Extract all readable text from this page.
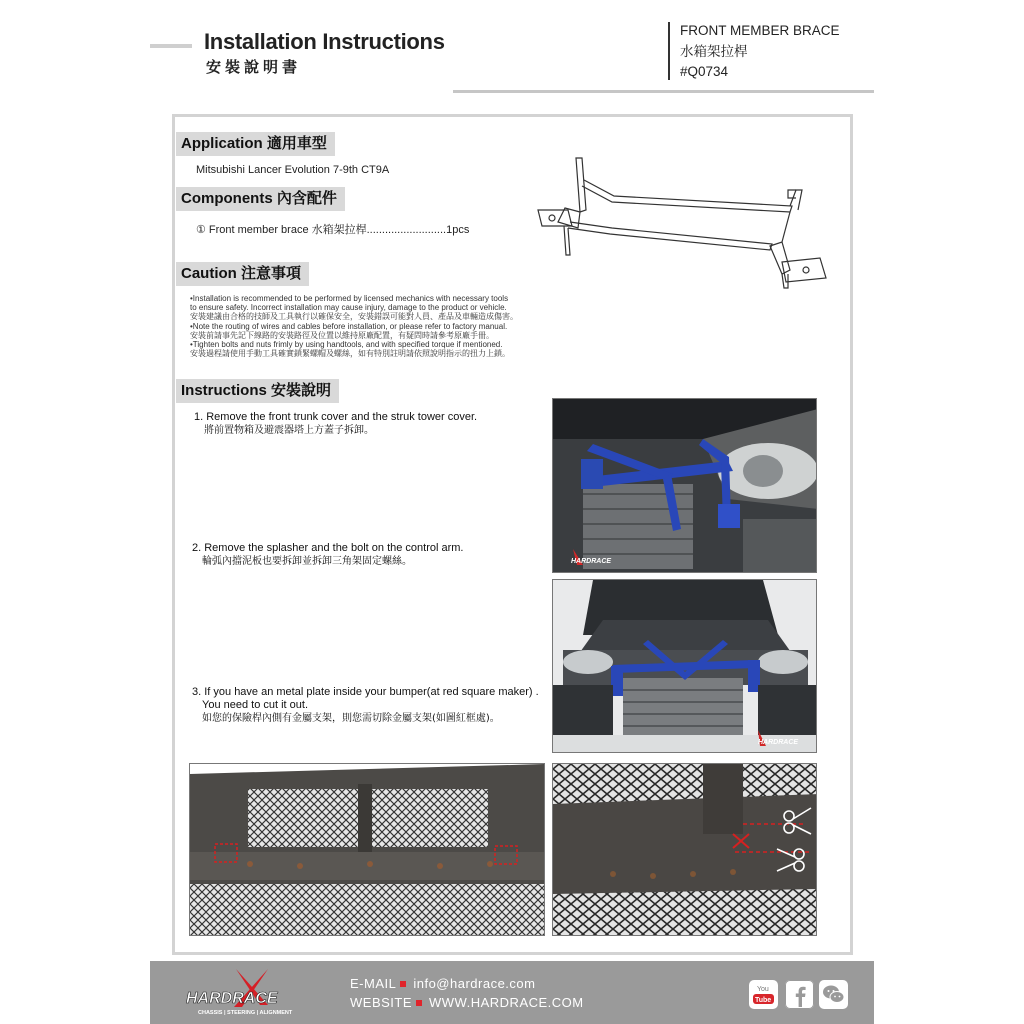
Installation Instructions
安裝說明書
FRONT MEMBER BRACE
水箱架拉桿
#Q0734
Application 適用車型
Mitsubishi Lancer Evolution 7-9th CT9A
Components 內含配件
① Front member brace 水箱架拉桿..........................1pcs
Caution 注意事項
•Installation is recommended to be performed by licensed mechanics with necessary tools
to ensure safety. Incorrect installation may cause injury, damage to the product or vehicle.
安裝建議由合格的技師及工具執行以確保安全，安裝錯誤可能對人員、產品及車輛造成傷害。
•Note the routing of wires and cables before installation, or please refer to factory manual.
安裝前請事先記下線路的安裝路徑及位置以維持原廠配置，有疑問時請參考原廠手冊。
•Tighten bolts and nuts frimly by using handtools, and with specified torque if mentioned.
安裝過程請使用手動工具確實鎖緊螺帽及螺絲，如有特別註明請依照說明指示的扭力上鎖。
Instructions 安裝說明
1. Remove the front trunk cover and the struk tower cover.
將前置物箱及避震器塔上方蓋子拆卸。
2. Remove the splasher and the bolt on the control arm.
輪弧內擋泥板也要拆卸並拆卸三角架固定螺絲。
3. If you have an metal plate inside your bumper(at red square maker) .
You need to cut it out.
如您的保險桿內側有金屬支架，則您需切除金屬支架(如圖紅框處)。
HARDRACE
HARDRACE
HARDRACE
CHASSIS | STEERING | ALIGNMENT
E-MAIL info@hardrace.com
WEBSITE WWW.HARDRACE.COM
You
Tube
